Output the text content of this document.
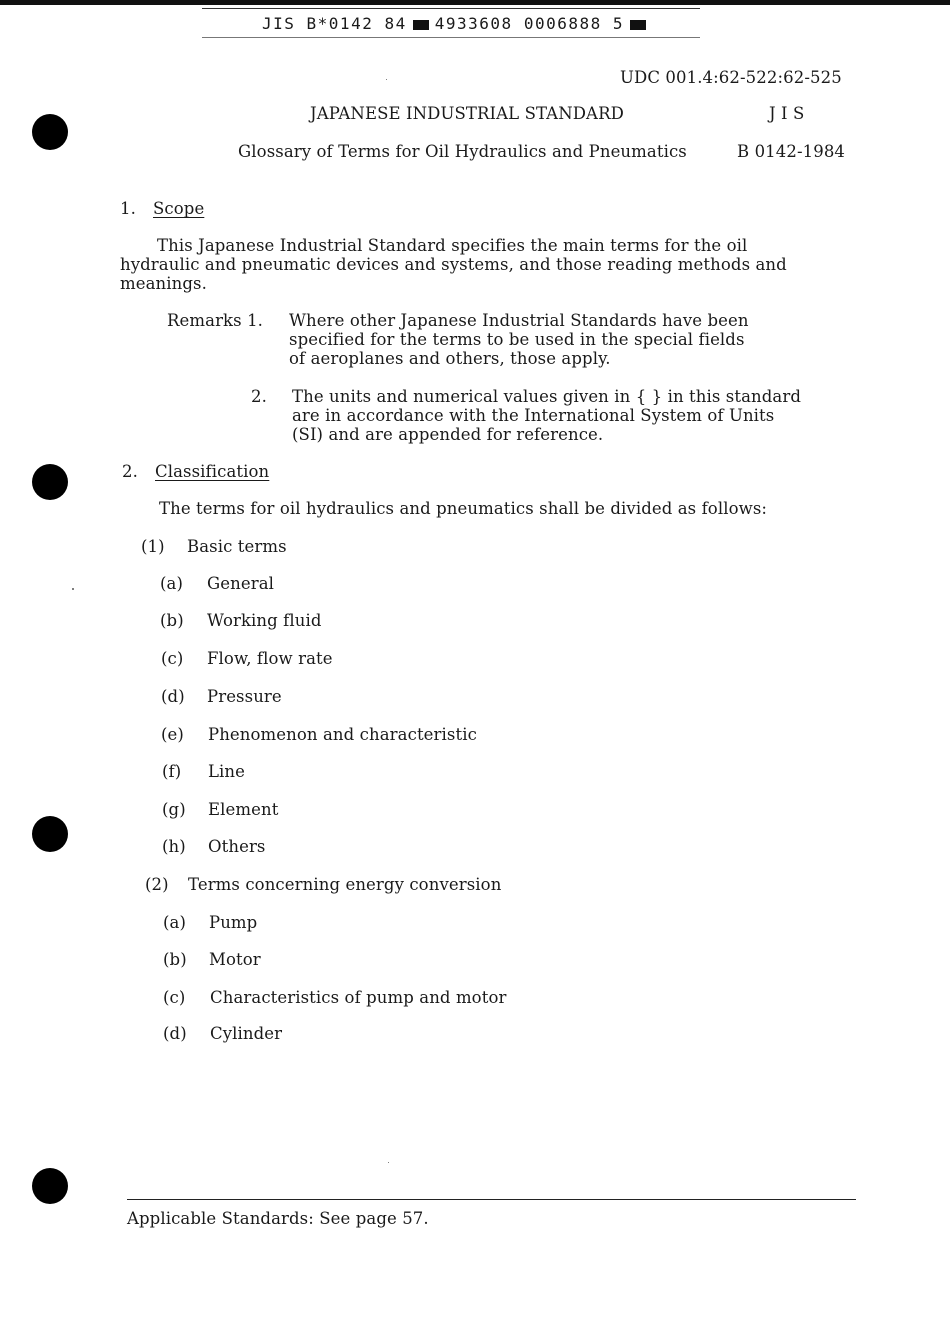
JIS B*0142 84 4933608 0006888 5
UDC 001.4:62-522:62-525
JAPANESE INDUSTRIAL STANDARD	J I S
Glossary of Terms for Oil Hydraulics and Pneumatics	B 0142-1984
1. Scope
This Japanese Industrial Standard specifies the main terms for the oil
hydraulic and pneumatic devices and systems, and those reading methods and
meanings.
Remarks 1. Where other Japanese Industrial Standards have been
specified for the terms to be used in the special fields
of aeroplanes and others, those apply.
2. The units and numerical values given in { } in this standard
are in accordance with the International System of Units
(SI) and are appended for reference.
2. Classification
The terms for oil hydraulics and pneumatics shall be divided as follows:
(1) Basic terms
(a) General
(b) Working fluid
(c) Flow, flow rate
(d) Pressure
(e) Phenomenon and characteristic
(f) Line
(g) Element
(h) Others
(2) Terms concerning energy conversion
(a) Pump
(b) Motor
(c) Characteristics of pump and motor
(d) Cylinder
Applicable Standards: See page 57.
